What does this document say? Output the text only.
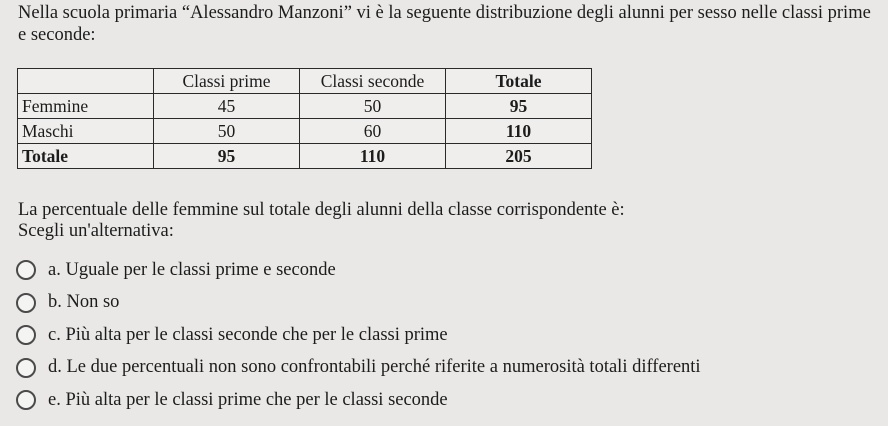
Nella scuola primaria “Alessandro Manzoni” vi è la seguente distribuzione degli alunni per sesso nelle classi prime e seconde:
	Classi prime	Classi seconde	Totale
Femmine	45	50	95
Maschi	50	60	110
Totale	95	110	205
La percentuale delle femmine sul totale degli alunni della classe corrispondente è:
Scegli un'alternativa:
a. Uguale per le classi prime e seconde
b. Non so
c. Più alta per le classi seconde che per le classi prime
d. Le due percentuali non sono confrontabili perché riferite a numerosità totali differenti
e. Più alta per le classi prime che per le classi seconde
